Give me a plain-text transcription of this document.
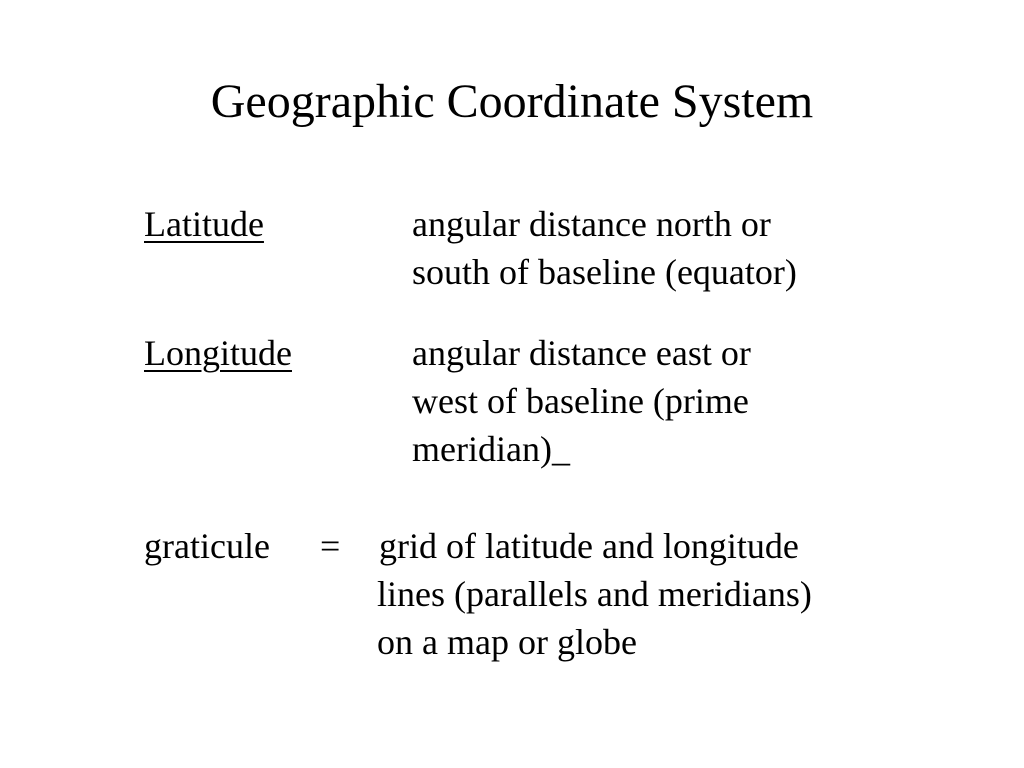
Geographic Coordinate System
Latitude	angular distance north or
south of baseline (equator)
Longitude	angular distance east or
west of baseline (prime
meridian)_
graticule = grid of latitude and longitude
lines (parallels and meridians)
on a map or globe
